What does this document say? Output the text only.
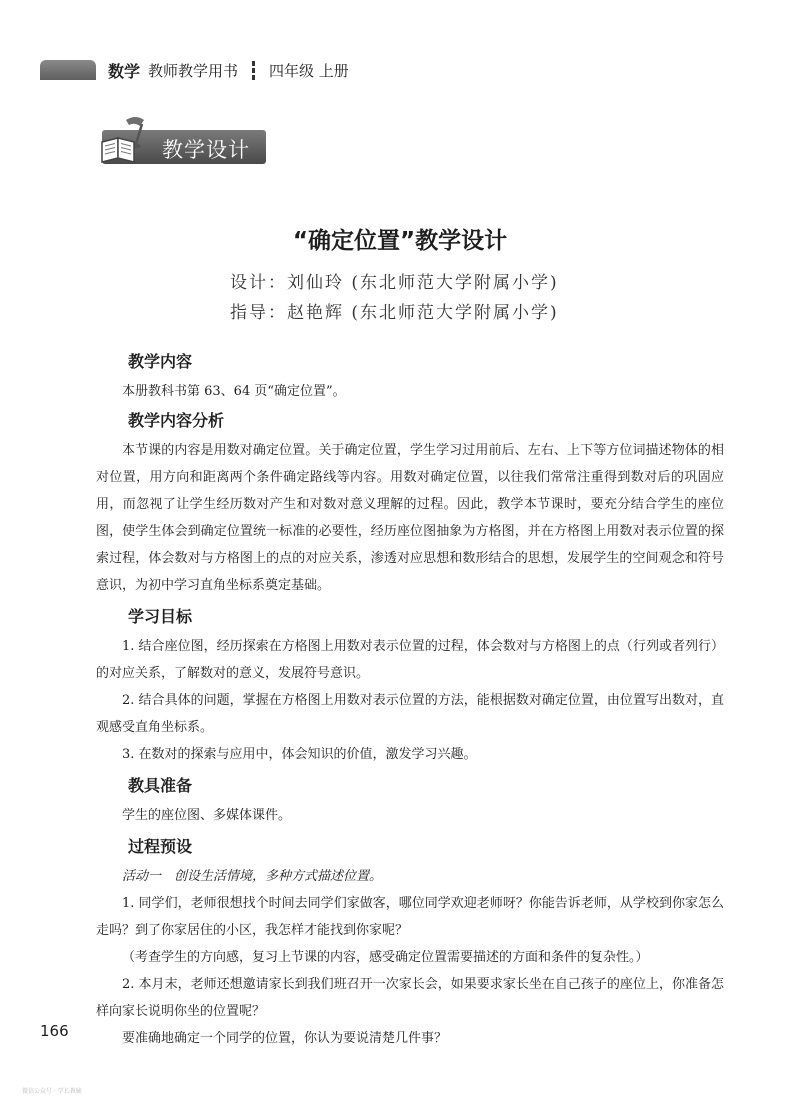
数学 教师教学用书 四年级 上册
教学设计
“确定位置”教学设计
设计：刘仙玲 (东北师范大学附属小学)
指导：赵艳辉 (东北师范大学附属小学)
教学内容

本册教科书第 63、64 页“确定位置”。

教学内容分析

本节课的内容是用数对确定位置。关于确定位置，学生学习过用前后、左右、上下等方位词描述物体的相对位置，用方向和距离两个条件确定路线等内容。用数对确定位置，以往我们常常注重得到数对后的巩固应用，而忽视了让学生经历数对产生和对数对意义理解的过程。因此，教学本节课时，要充分结合学生的座位图，使学生体会到确定位置统一标准的必要性，经历座位图抽象为方格图，并在方格图上用数对表示位置的探索过程，体会数对与方格图上的点的对应关系，渗透对应思想和数形结合的思想，发展学生的空间观念和符号意识，为初中学习直角坐标系奠定基础。

学习目标

1. 结合座位图，经历探索在方格图上用数对表示位置的过程，体会数对与方格图上的点（行列或者列行）的对应关系，了解数对的意义，发展符号意识。

2. 结合具体的问题，掌握在方格图上用数对表示位置的方法，能根据数对确定位置，由位置写出数对，直观感受直角坐标系。

3. 在数对的探索与应用中，体会知识的价值，激发学习兴趣。

教具准备

学生的座位图、多媒体课件。

过程预设

活动一　创设生活情境，多种方式描述位置。

1. 同学们，老师很想找个时间去同学们家做客，哪位同学欢迎老师呀？你能告诉老师，从学校到你家怎么走吗？到了你家居住的小区，我怎样才能找到你家呢？

（考查学生的方向感，复习上节课的内容，感受确定位置需要描述的方面和条件的复杂性。）

2. 本月末，老师还想邀请家长到我们班召开一次家长会，如果要求家长坐在自己孩子的座位上，你准备怎样向家长说明你坐的位置呢？

要准确地确定一个同学的位置，你认为要说清楚几件事？

166
微信公众号 · 学长教辅
